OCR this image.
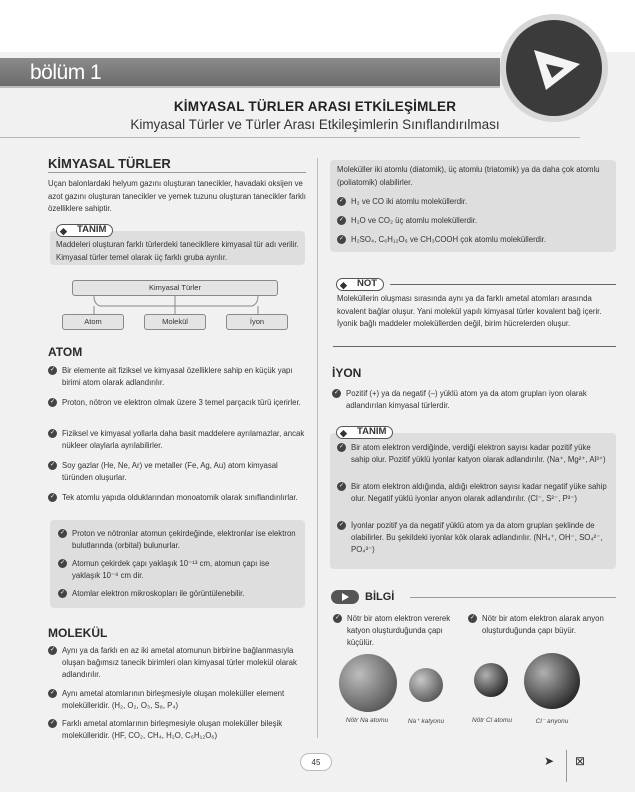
bölüm 1
KİMYASAL TÜRLER ARASI ETKİLEŞİMLER
Kimyasal Türler ve Türler Arası Etkileşimlerin Sınıflandırılması
KİMYASAL TÜRLER
Uçan balonlardaki helyum gazını oluşturan tanecikler, havadaki oksijen ve azot gazını oluşturan tanecikler ve yemek tuzunu oluşturan tanecikler farklı özelliklere sahiptir.
◆ TANIM
Maddeleri oluşturan farklı türlerdeki tanecikllere kimyasal tür adı verilir. Kimyasal türler temel olarak üç farklı gruba ayrılır.
Kimyasal Türler
Atom	Molekül	İyon
ATOM
✓ Bir elemente ait fiziksel ve kimyasal özelliklere sahip en küçük yapı birimi atom olarak adlandırılır.
✓ Proton, nötron ve elektron olmak üzere 3 temel parçacık türü içerirler.
✓ Fiziksel ve kimyasal yollarla daha basit maddelere ayrılamazlar, ancak nükleer olaylarla ayrılabilirler.
✓ Soy gazlar (He, Ne, Ar) ve metaller (Fe, Ag, Au) atom kimyasal türünden oluşurlar.
✓ Tek atomlu yapıda olduklarından monoatomik olarak sınıflandırılırlar.
✓ Proton ve nötronlar atomun çekirdeğinde, elektronlar ise elektron bulutlarında (orbital) bulunurlar.
✓ Atomun çekirdek çapı yaklaşık 10⁻¹³ cm, atomun çapı ise yaklaşık 10⁻⁸ cm dir.
✓ Atomlar elektron mikroskopları ile görüntülenebilir.
MOLEKÜL
✓ Aynı ya da farklı en az iki ametal atomunun birbirine bağlanmasıyla oluşan bağımsız tanecik birimleri olan kimyasal türler molekül olarak adlandırılır.
✓ Aynı ametal atomlarının birleşmesiyle oluşan moleküller element molekülleridir. (H₂, O₂, O₃, S₈, P₄)
✓ Farklı ametal atomlarının birleşmesiyle oluşan moleküller bileşik molekülleridir. (HF, CO₂, CH₄, H₂O, C₆H₁₂O₆)
Moleküller iki atomlu (diatomik), üç atomlu (triatomik) ya da daha çok atomlu (poliatomik) olabilirler.
✓ H₂ ve CO iki atomlu moleküllerdir.
✓ H₂O ve CO₂ üç atomlu moleküllerdir.
✓ H₂SO₄, C₆H₁₂O₆ ve CH₃COOH çok atomlu moleküllerdir.
◆ NOT
Moleküllerin oluşması sırasında aynı ya da farklı ametal atomları arasında kovalent bağlar oluşur. Yani molekül yapılı kimyasal türler kovalent bağ içerir. İyonik bağlı maddeler moleküllerden değil, birim hücrelerden oluşur.
İYON
✓ Pozitif (+) ya da negatif (–) yüklü atom ya da atom grupları iyon olarak adlandırılan kimyasal türlerdir.
◆ TANIM
✓ Bir atom elektron verdiğinde, verdiği elektron sayısı kadar pozitif yüke sahip olur. Pozitif yüklü iyonlar katyon olarak adlandırılır. (Na⁺, Mg²⁺, Al³⁺)
✓ Bir atom elektron aldığında, aldığı elektron sayısı kadar negatif yüke sahip olur. Negatif yüklü iyonlar anyon olarak adlandırılır. (Cl⁻, S²⁻, P³⁻)
✓ İyonlar pozitif ya da negatif yüklü atom ya da atom grupları şeklinde de olabilirler. Bu şekildeki iyonlar kök olarak adlandırılır. (NH₄⁺, OH⁻, SO₄²⁻, PO₄³⁻)
BİLGİ
✓ Nötr bir atom elektron vererek katyon oluşturduğunda çapı küçülür.
✓ Nötr bir atom elektron alarak anyon oluşturduğunda çapı büyür.
Nötr Na atomu	Na⁺ katyonu	Nötr Cl atomu	Cl⁻ anyonu
45	➤ ⊠
